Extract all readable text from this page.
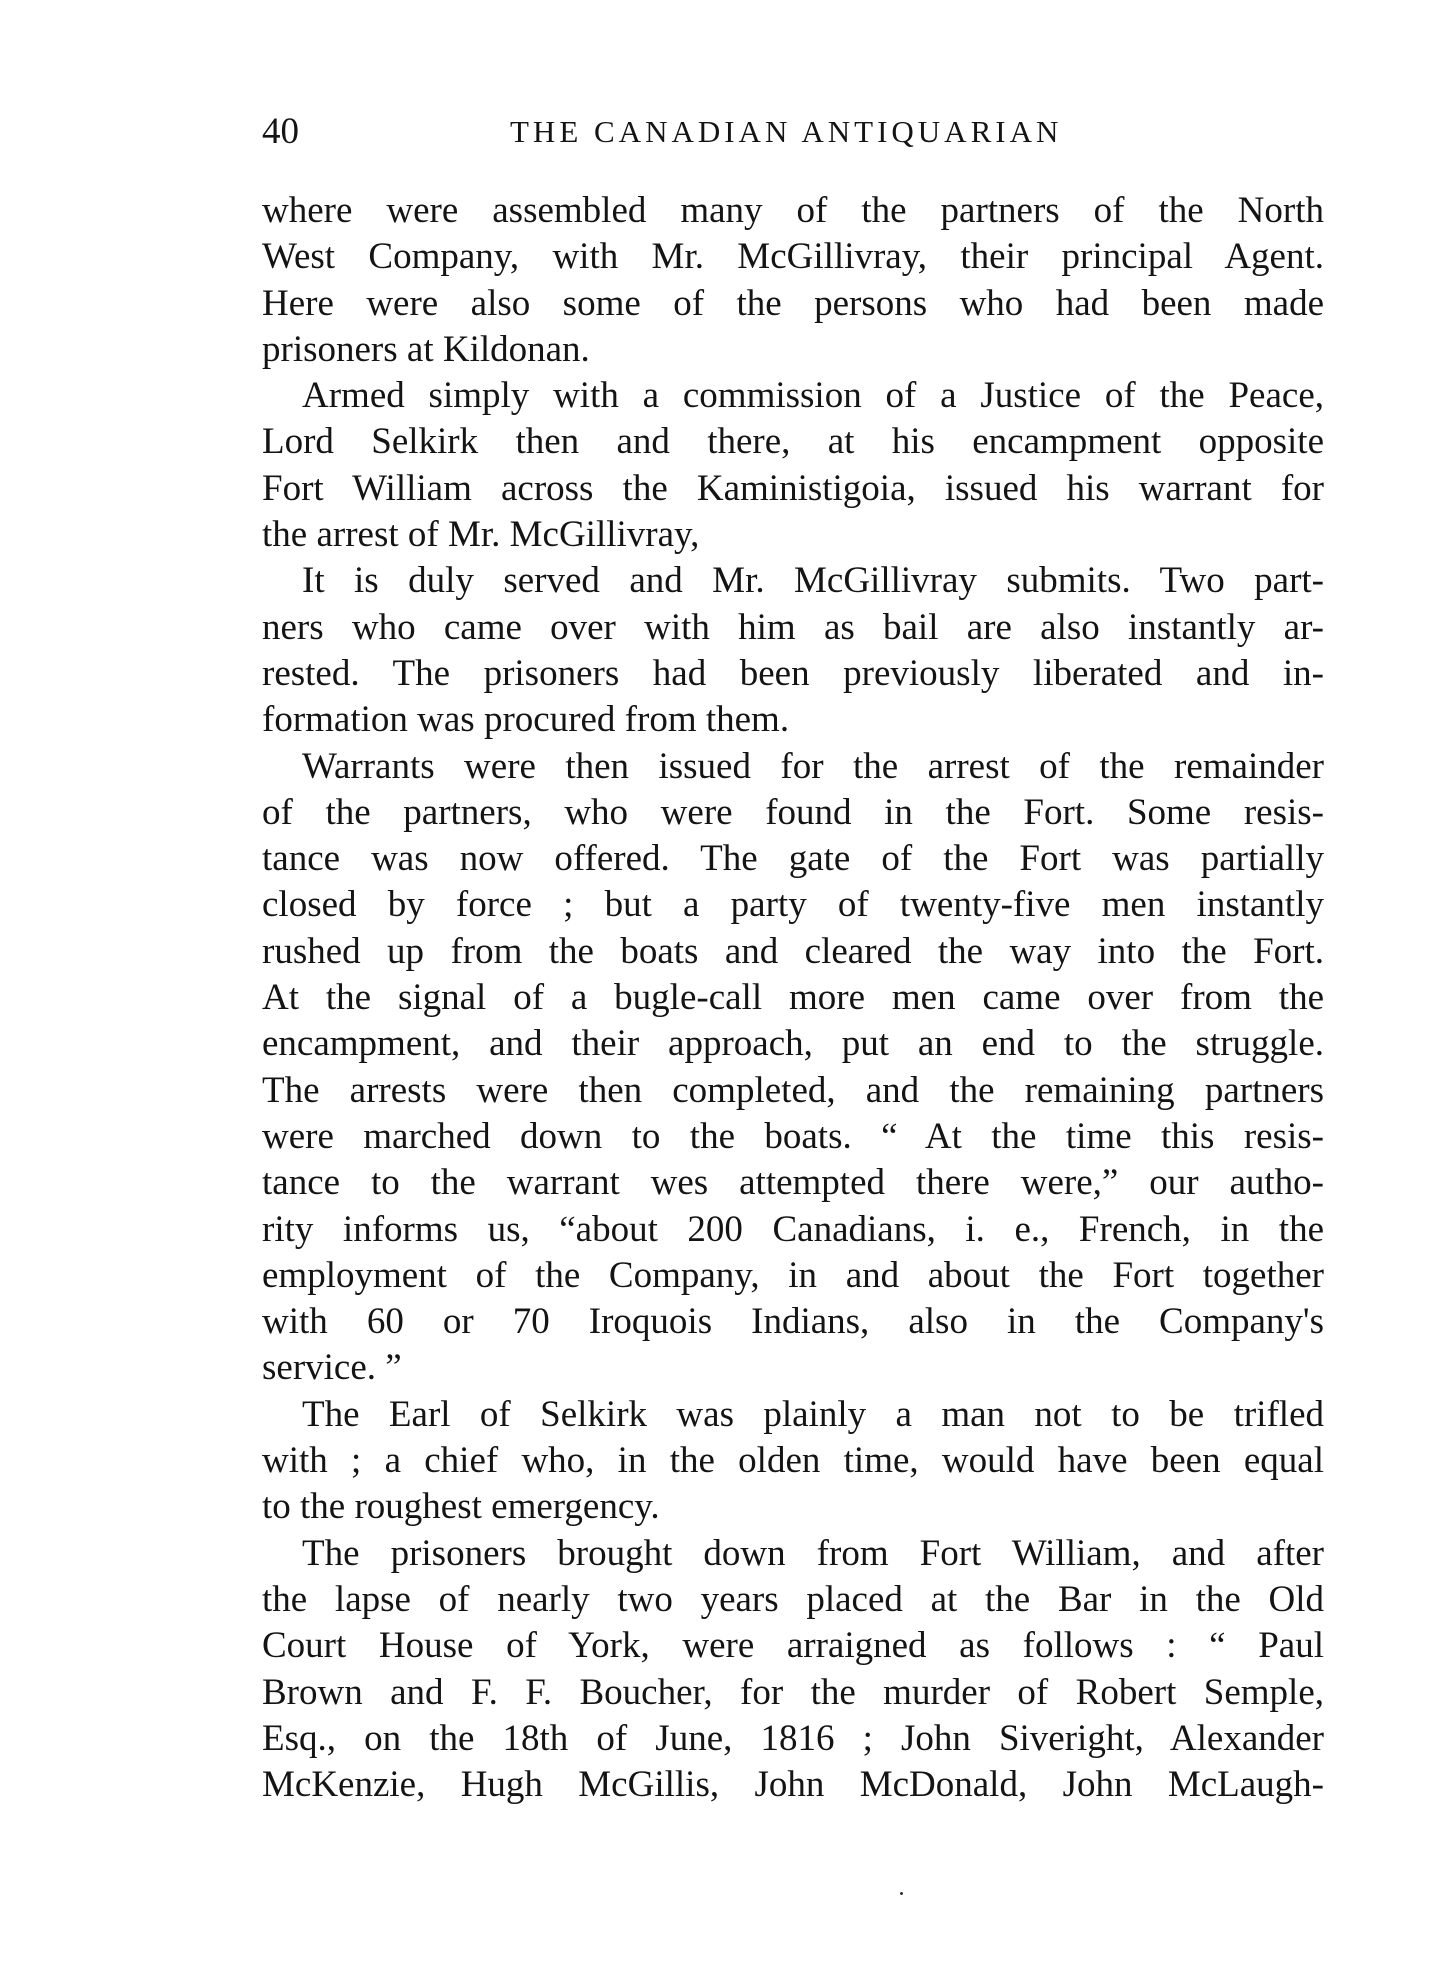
40	THE CANADIAN ANTIQUARIAN
where were assembled many of the partners of the North
West Company, with Mr. McGillivray, their principal Agent.
Here were also some of the persons who had been made
prisoners at Kildonan.
Armed simply with a commission of a Justice of the Peace,
Lord Selkirk then and there, at his encampment opposite
Fort William across the Kaministigoia, issued his warrant for
the arrest of Mr. McGillivray,
It is duly served and Mr. McGillivray submits. Two part-
ners who came over with him as bail are also instantly ar-
rested. The prisoners had been previously liberated and in-
formation was procured from them.
Warrants were then issued for the arrest of the remainder
of the partners, who were found in the Fort. Some resis-
tance was now offered. The gate of the Fort was partially
closed by force ; but a party of twenty-five men instantly
rushed up from the boats and cleared the way into the Fort.
At the signal of a bugle-call more men came over from the
encampment, and their approach, put an end to the struggle.
The arrests were then completed, and the remaining partners
were marched down to the boats. “ At the time this resis-
tance to the warrant wes attempted there were,” our autho-
rity informs us, “about 200 Canadians, i. e., French, in the
employment of the Company, in and about the Fort together
with 60 or 70 Iroquois Indians, also in the Company's
service. ”
The Earl of Selkirk was plainly a man not to be trifled
with ; a chief who, in the olden time, would have been equal
to the roughest emergency.
The prisoners brought down from Fort William, and after
the lapse of nearly two years placed at the Bar in the Old
Court House of York, were arraigned as follows : “ Paul
Brown and F. F. Boucher, for the murder of Robert Semple,
Esq., on the 18th of June, 1816 ; John Siveright, Alexander
McKenzie, Hugh McGillis, John McDonald, John McLaugh-
